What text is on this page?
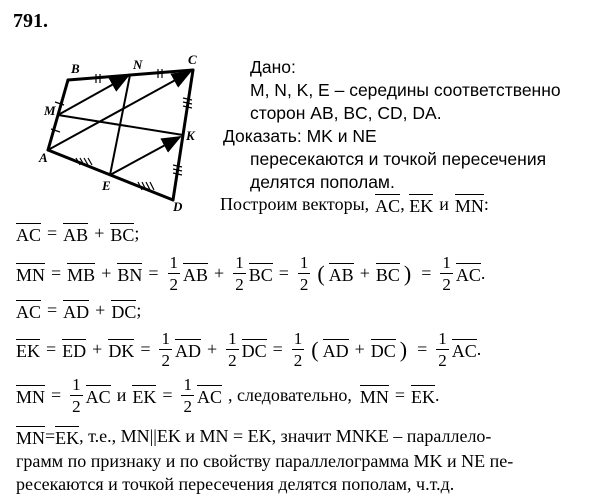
791.
B	N	C
M
K
A
E
D
Дано:
M, N, K, E – середины соответственно
сторон AB, BC, CD, DA.
Доказать: MK и NE
пересекаются и точкой пересечения
делятся пополам.
Построим векторы, AC , EK и MN :
AC = AB + BC ;
MN = MB + BN = $\frac{1}{2}$ AB + $\frac{1}{2}$ BC = $\frac{1}{2}$ ( AB + BC ) = $\frac{1}{2}$ AC .
AC = AD + DC ;
EK = ED + DK = $\frac{1}{2}$ AD + $\frac{1}{2}$ DC = $\frac{1}{2}$ ( AD + DC ) = $\frac{1}{2}$ AC .
MN = $\frac{1}{2}$ AC и EK = $\frac{1}{2}$ AC , следовательно, MN = EK .
MN = EK , т.е., MN||EK и MN = EK, значит MNKE – параллело-
грамм по признаку и по свойству параллелограмма MK и NE пе-
ресекаются и точкой пересечения делятся пополам, ч.т.д.
